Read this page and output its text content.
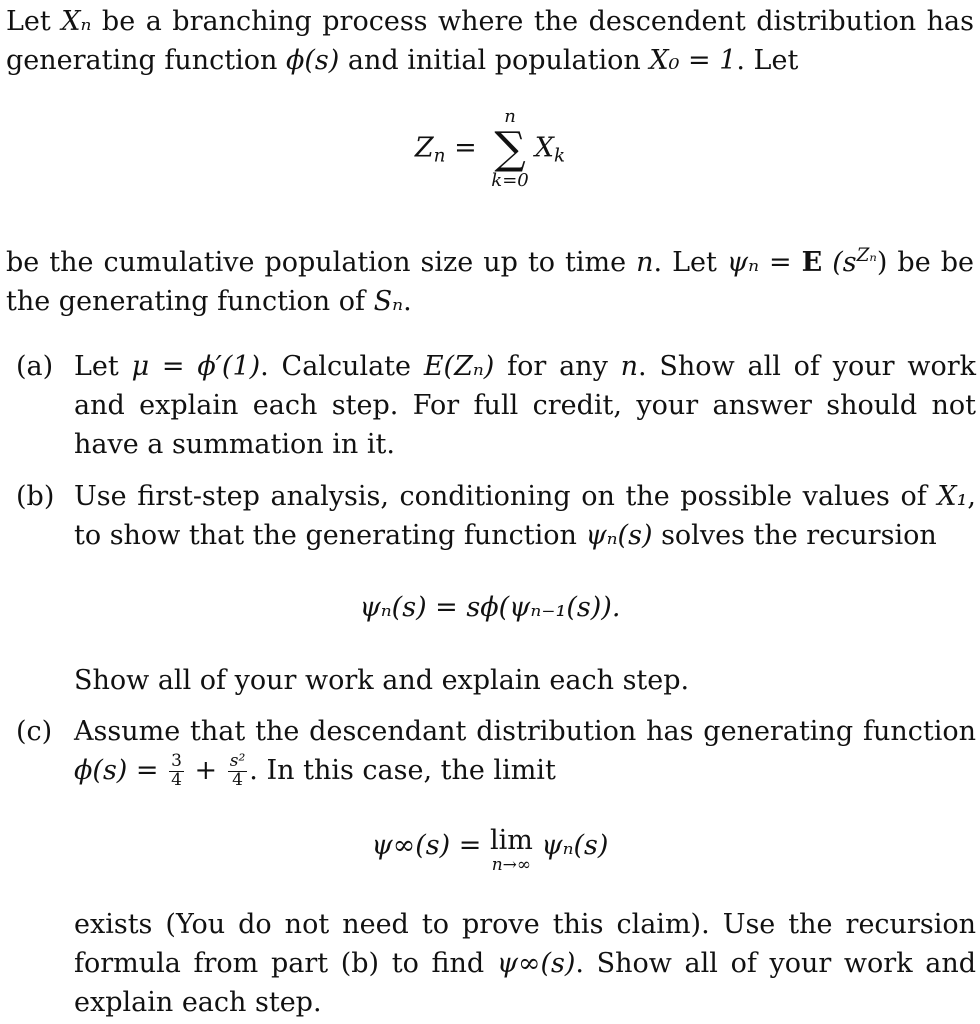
Let Xₙ be a branching process where the descendent distribution has generating function ϕ(s) and initial population X₀ = 1. Let
$Z_n$ =
n
∑
k=0
$X_k$
be the cumulative population size up to time n. Let ψₙ = E $(s^{Z_n})$ be be the generating function of Sₙ.
(a) Let μ = ϕ′(1). Calculate E(Zₙ) for any n. Show all of your work and explain each step. For full credit, your answer should not have a summation in it.
(b) Use first-step analysis, conditioning on the possible values of X₁, to show that the generating function ψₙ(s) solves the recursion
ψₙ(s) = sϕ(ψₙ₋₁(s)).
Show all of your work and explain each step.
(c) Assume that the descendant distribution has generating function $\phi(s) = \frac{3}{4} + \frac{\text{s²}}{4}$ . In this case, the limit
ψ∞(s) = lim
n→∞
ψₙ(s)
exists (You do not need to prove this claim). Use the recursion formula from part (b) to find ψ∞(s). Show all of your work and explain each step.
